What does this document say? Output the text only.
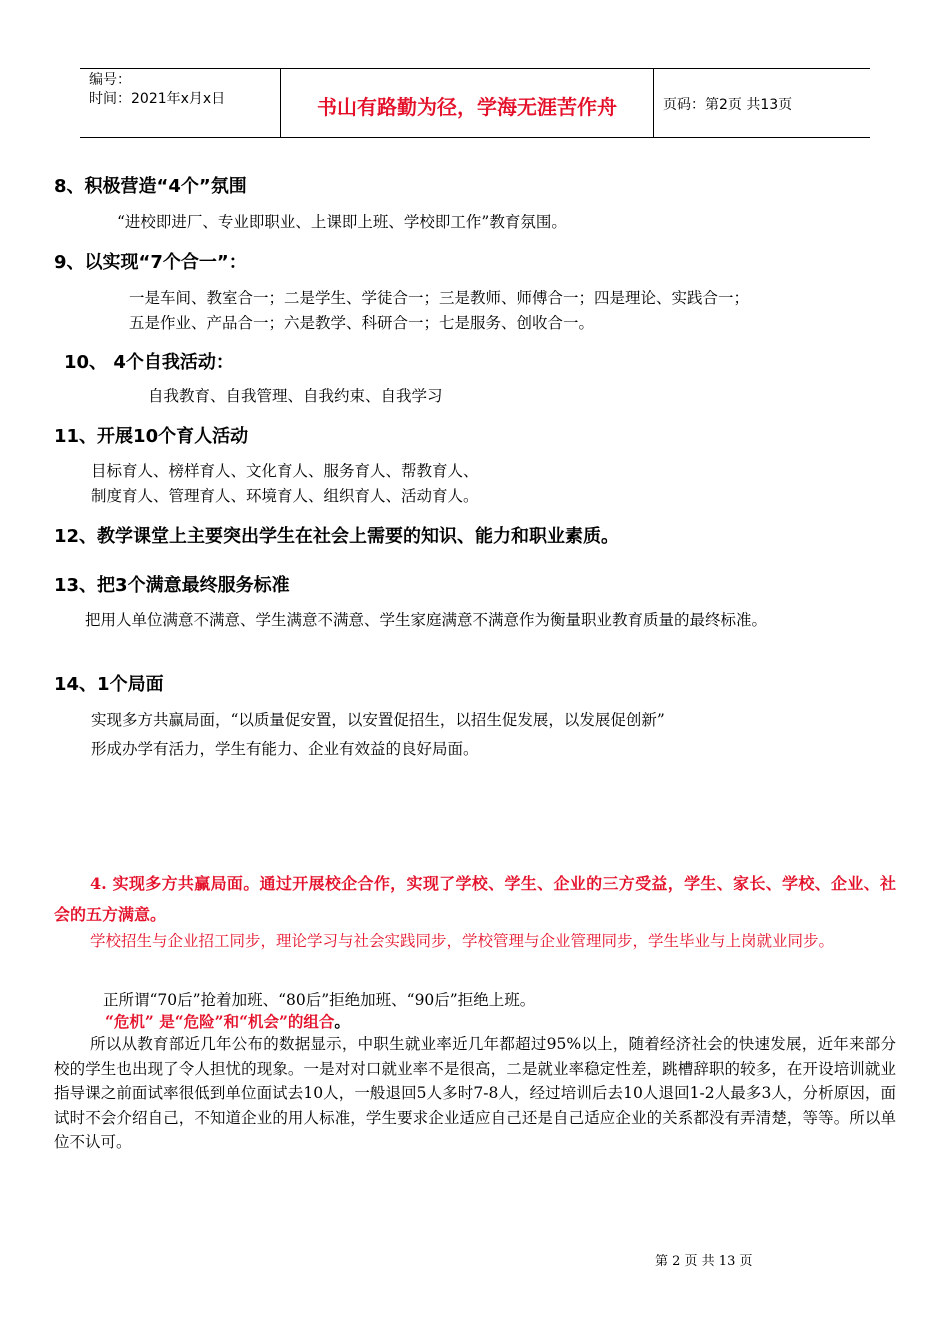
编号：
时间：2021年x月x日	书山有路勤为径，学海无涯苦作舟	页码：第2页 共13页
8、积极营造“4个”氛围
“进校即进厂、专业即职业、上课即上班、学校即工作”教育氛围。
9、以实现“7个合一”：
一是车间、教室合一；二是学生、学徒合一；三是教师、师傅合一；四是理论、实践合一；
五是作业、产品合一；六是教学、科研合一；七是服务、创收合一。
10、 4个自我活动：
自我教育、自我管理、自我约束、自我学习
11、开展10个育人活动
目标育人、榜样育人、文化育人、服务育人、帮教育人、
制度育人、管理育人、环境育人、组织育人、活动育人。
12、教学课堂上主要突出学生在社会上需要的知识、能力和职业素质。
13、把3个满意最终服务标准
把用人单位满意不满意、学生满意不满意、学生家庭满意不满意作为衡量职业教育质量的最终标准。
14、1个局面
实现多方共赢局面，“以质量促安置，以安置促招生，以招生促发展，以发展促创新”
形成办学有活力，学生有能力、企业有效益的良好局面。
4. 实现多方共赢局面。通过开展校企合作，实现了学校、学生、企业的三方受益，学生、家长、学校、企业、社会的五方满意。
学校招生与企业招工同步，理论学习与社会实践同步，学校管理与企业管理同步，学生毕业与上岗就业同步。
正所谓“70后”抢着加班、“80后”拒绝加班、“90后”拒绝上班。
“危机” 是“危险”和“机会”的组合。
所以从教育部近几年公布的数据显示，中职生就业率近几年都超过95%以上，随着经济社会的快速发展，近年来部分校的学生也出现了令人担忧的现象。一是对对口就业率不是很高，二是就业率稳定性差，跳槽辞职的较多，在开设培训就业指导课之前面试率很低到单位面试去10人，一般退回5人多时7-8人，经过培训后去10人退回1-2人最多3人，分析原因，面试时不会介绍自己，不知道企业的用人标准，学生要求企业适应自己还是自己适应企业的关系都没有弄清楚，等等。所以单位不认可。
第 2 页 共 13 页
